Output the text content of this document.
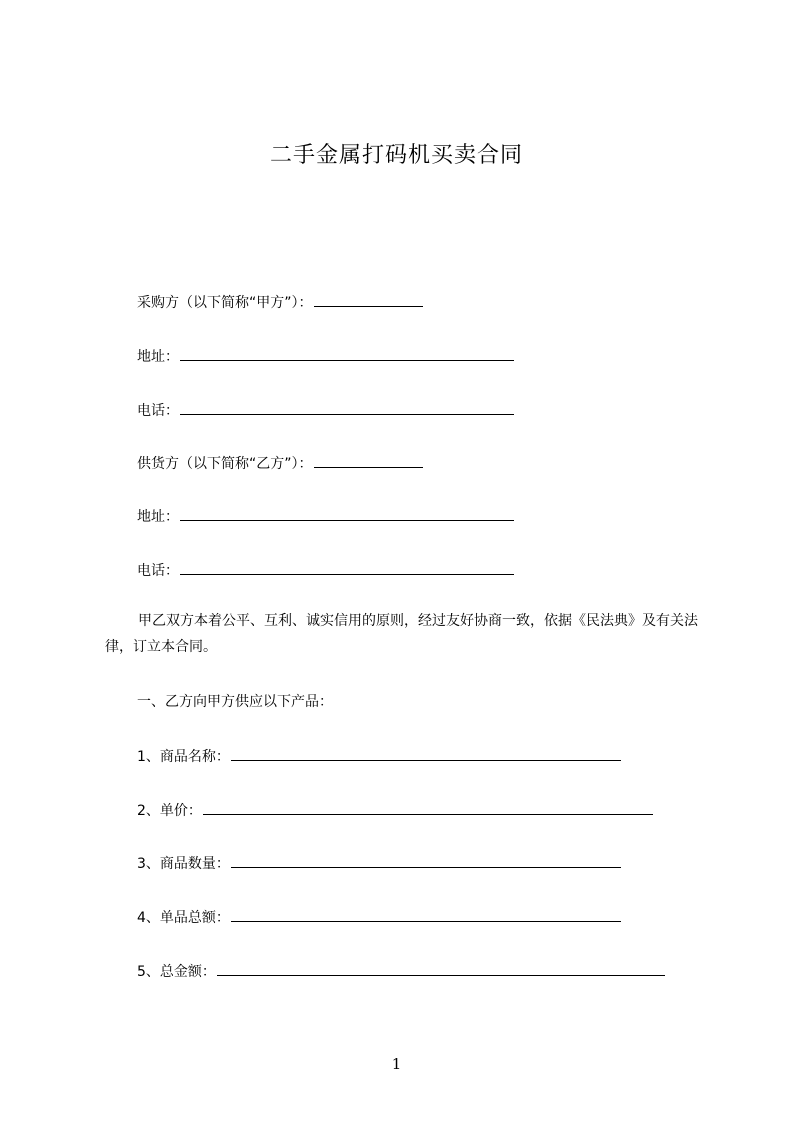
二手金属打码机买卖合同
采购方（以下简称“甲方”）：
地址：
电话：
供货方（以下简称“乙方”）：
地址：
电话：
甲乙双方本着公平、互利、诚实信用的原则，经过友好协商一致，依据《民法典》及有关法律，订立本合同。
一、乙方向甲方供应以下产品：
1、商品名称：
2、单价：
3、商品数量：
4、单品总额：
5、总金额：
1
